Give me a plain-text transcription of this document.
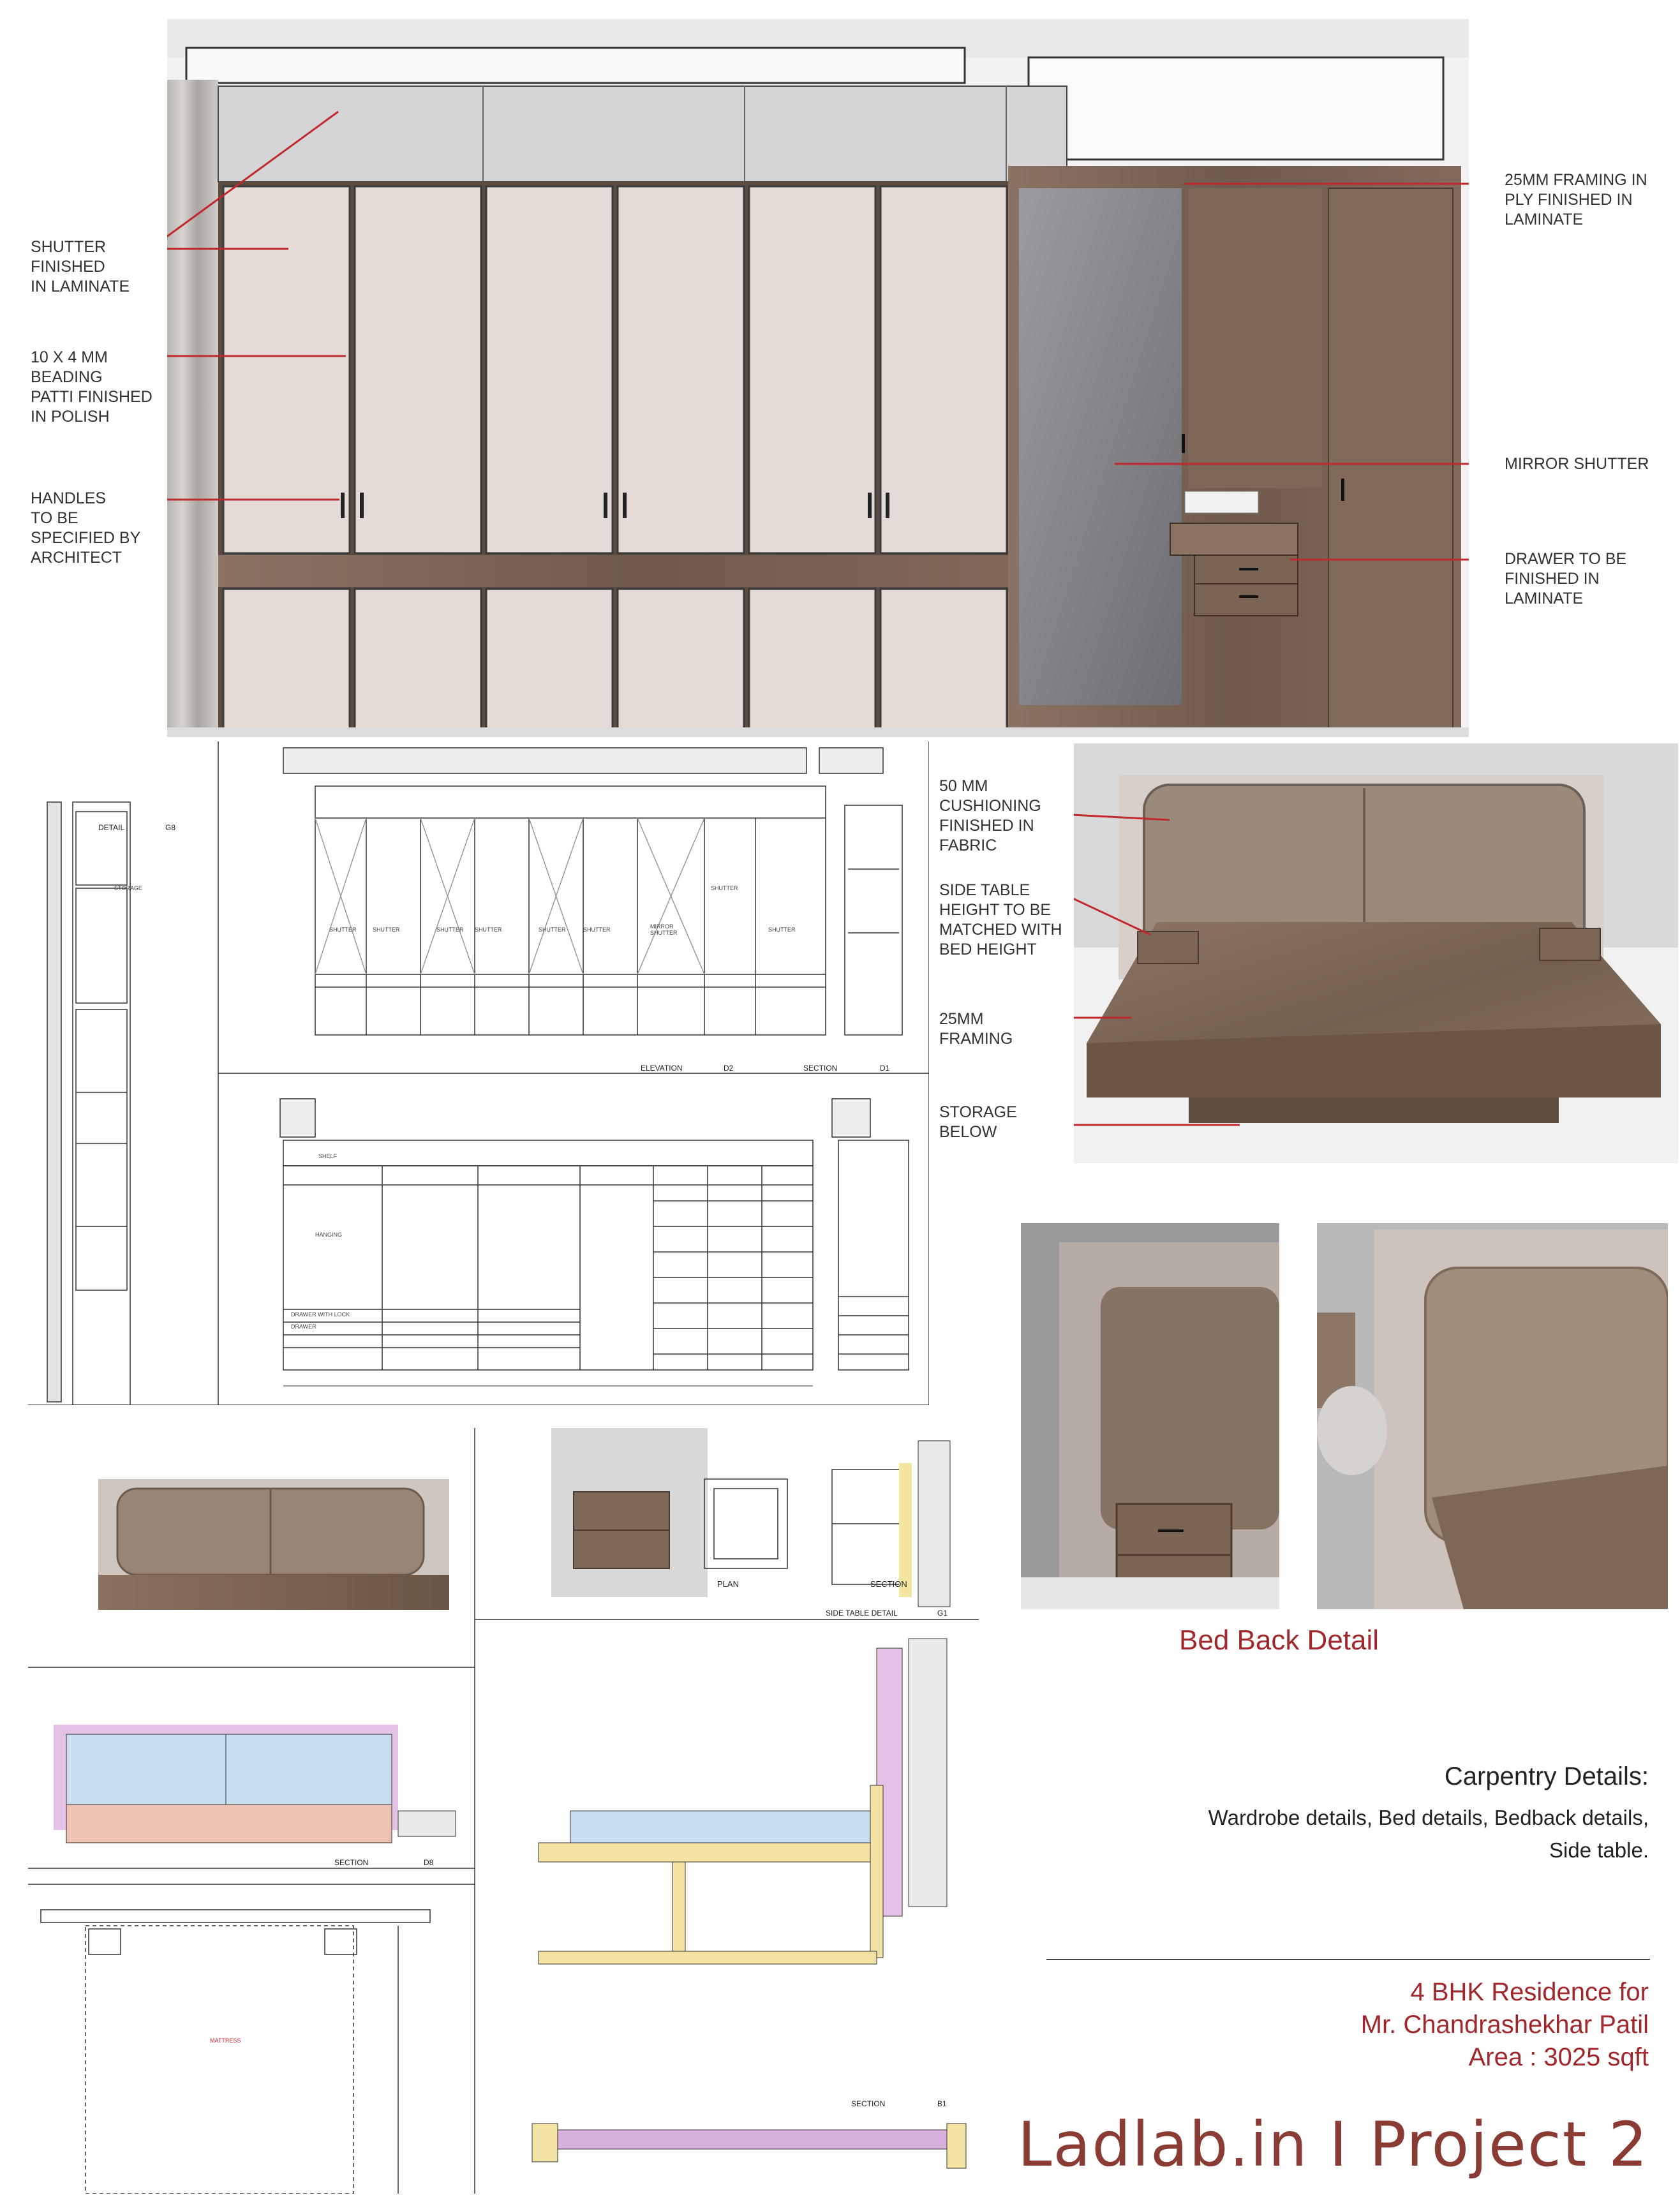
SHUTTER
FINISHED
IN LAMINATE
10 X 4 MM
BEADING
PATTI FINISHED
IN POLISH
HANDLES
TO BE
SPECIFIED BY
ARCHITECT
25MM FRAMING IN
PLY FINISHED IN
LAMINATE
MIRROR SHUTTER
DRAWER TO BE
FINISHED IN LAMINATE
DETAIL	G8
ELEVATION	D2	SECTION	D1
SHUTTER	SHUTTER	SHUTTER SHUTTER	SHUTTER	SHUTTER	MIRROR
SHUTTER
SHUTTER
SHUTTER
SHELF
HANGING
DRAWER
DRAWER WITH LOCK
STORAGE
50 MM
CUSHIONING
FINISHED IN
FABRIC
SIDE TABLE
HEIGHT TO BE
MATCHED WITH
BED HEIGHT
25MM
FRAMING
STORAGE
BELOW
Bed Back Detail
PLAN	SECTION
SIDE TABLE DETAIL	G1
SECTION	D8
SECTION	B1
MATTRESS
Carpentry Details:
Wardrobe details, Bed details, Bedback details,
Side table.
4 BHK Residence for
Mr. Chandrashekhar Patil
Area : 3025 sqft
Ladlab.in I Project 2
